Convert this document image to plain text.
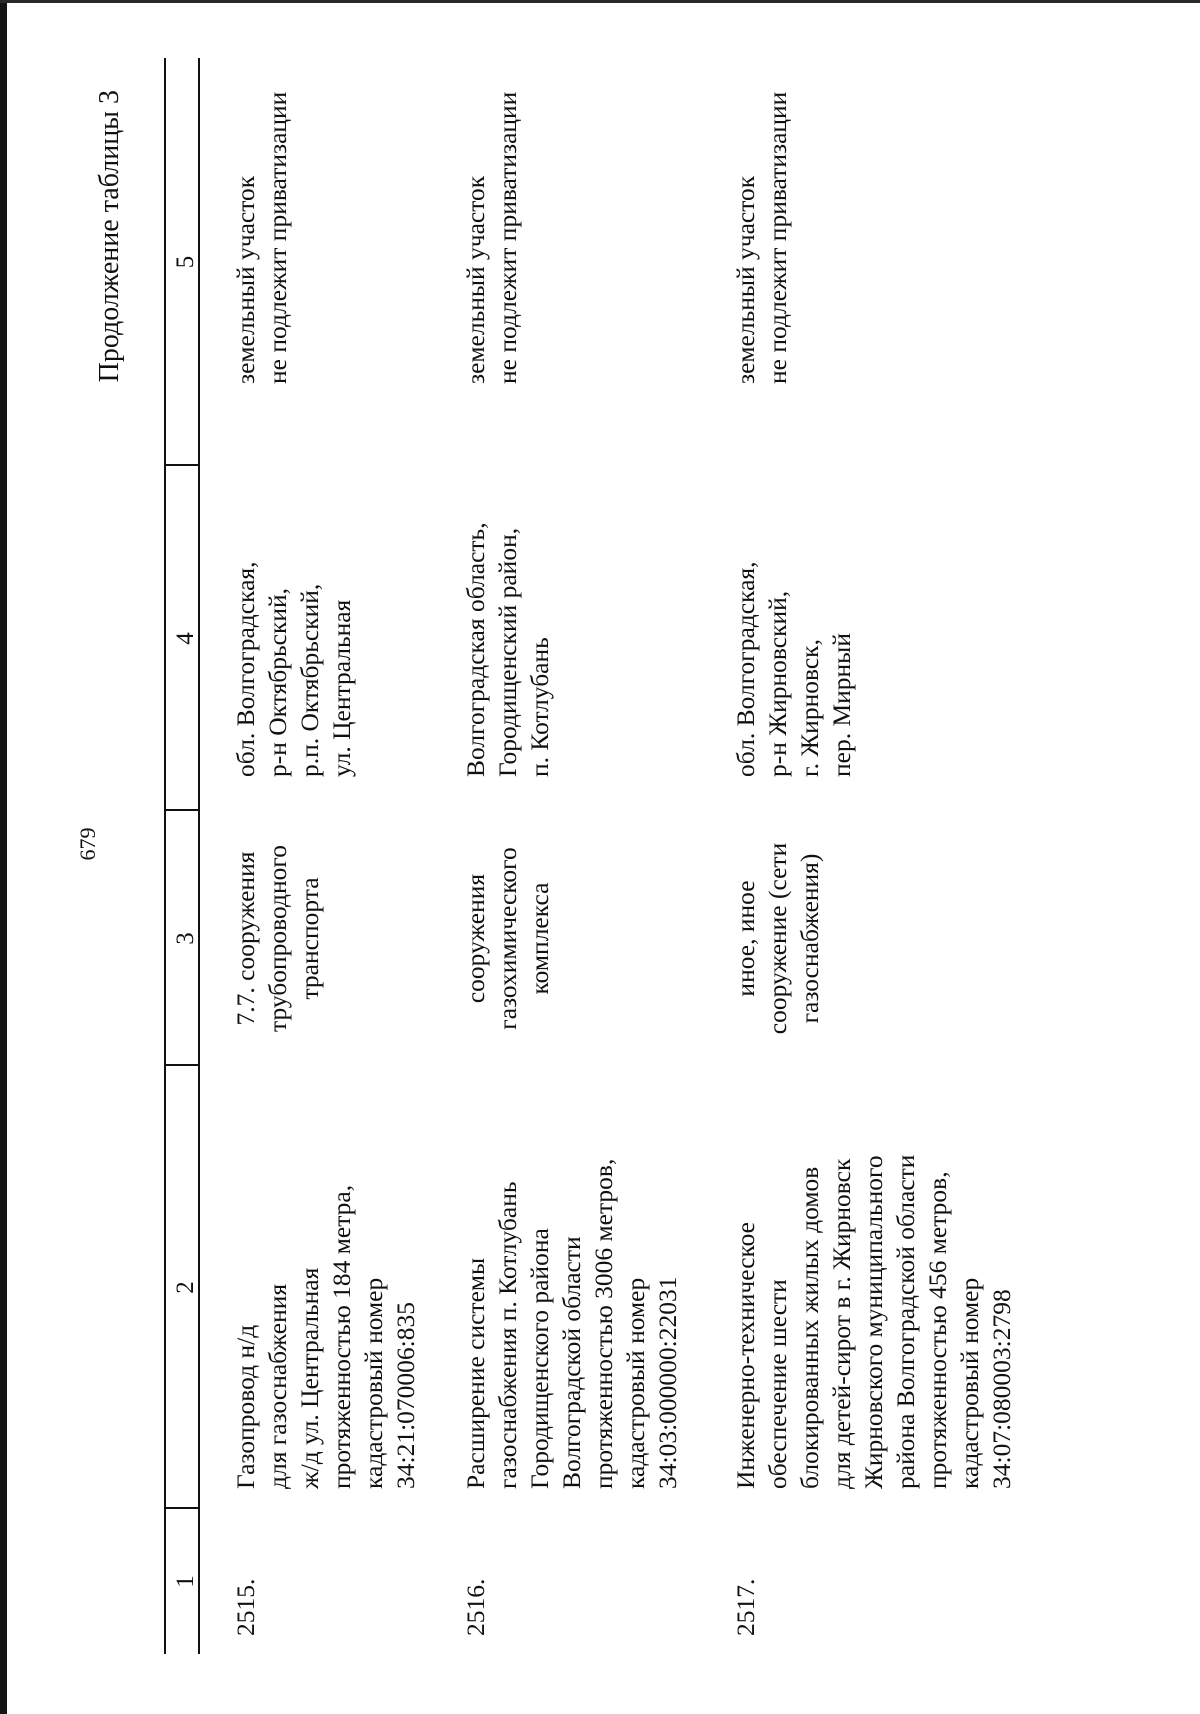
679
Продолжение таблицы 3
1
2
3
4
5
2515.
Газопровод н/д
для газоснабжения
ж/д ул. Центральная
протяженностью 184 метра,
кадастровый номер
34:21:070006:835
7.7. сооружения
трубопроводного
транспорта
обл. Волгоградская,
р-н Октябрьский,
р.п. Октябрьский,
ул. Центральная
земельный участок
не подлежит приватизации
2516.
Расширение системы
газоснабжения п. Котлубань
Городищенского района
Волгоградской области
протяженностью 3006 метров,
кадастровый номер
34:03:000000:22031
сооружения
газохимического
комплекса
Волгоградская область,
Городищенский район,
п. Котлубань
земельный участок
не подлежит приватизации
2517.
Инженерно-техническое
обеспечение шести
блокированных жилых домов
для детей-сирот в г. Жирновск
Жирновского муниципального
района Волгоградской области
протяженностью 456 метров,
кадастровый номер
34:07:080003:2798
иное, иное
сооружение (сети
газоснабжения)
обл. Волгоградская,
р-н Жирновский,
г. Жирновск,
пер. Мирный
земельный участок
не подлежит приватизации
